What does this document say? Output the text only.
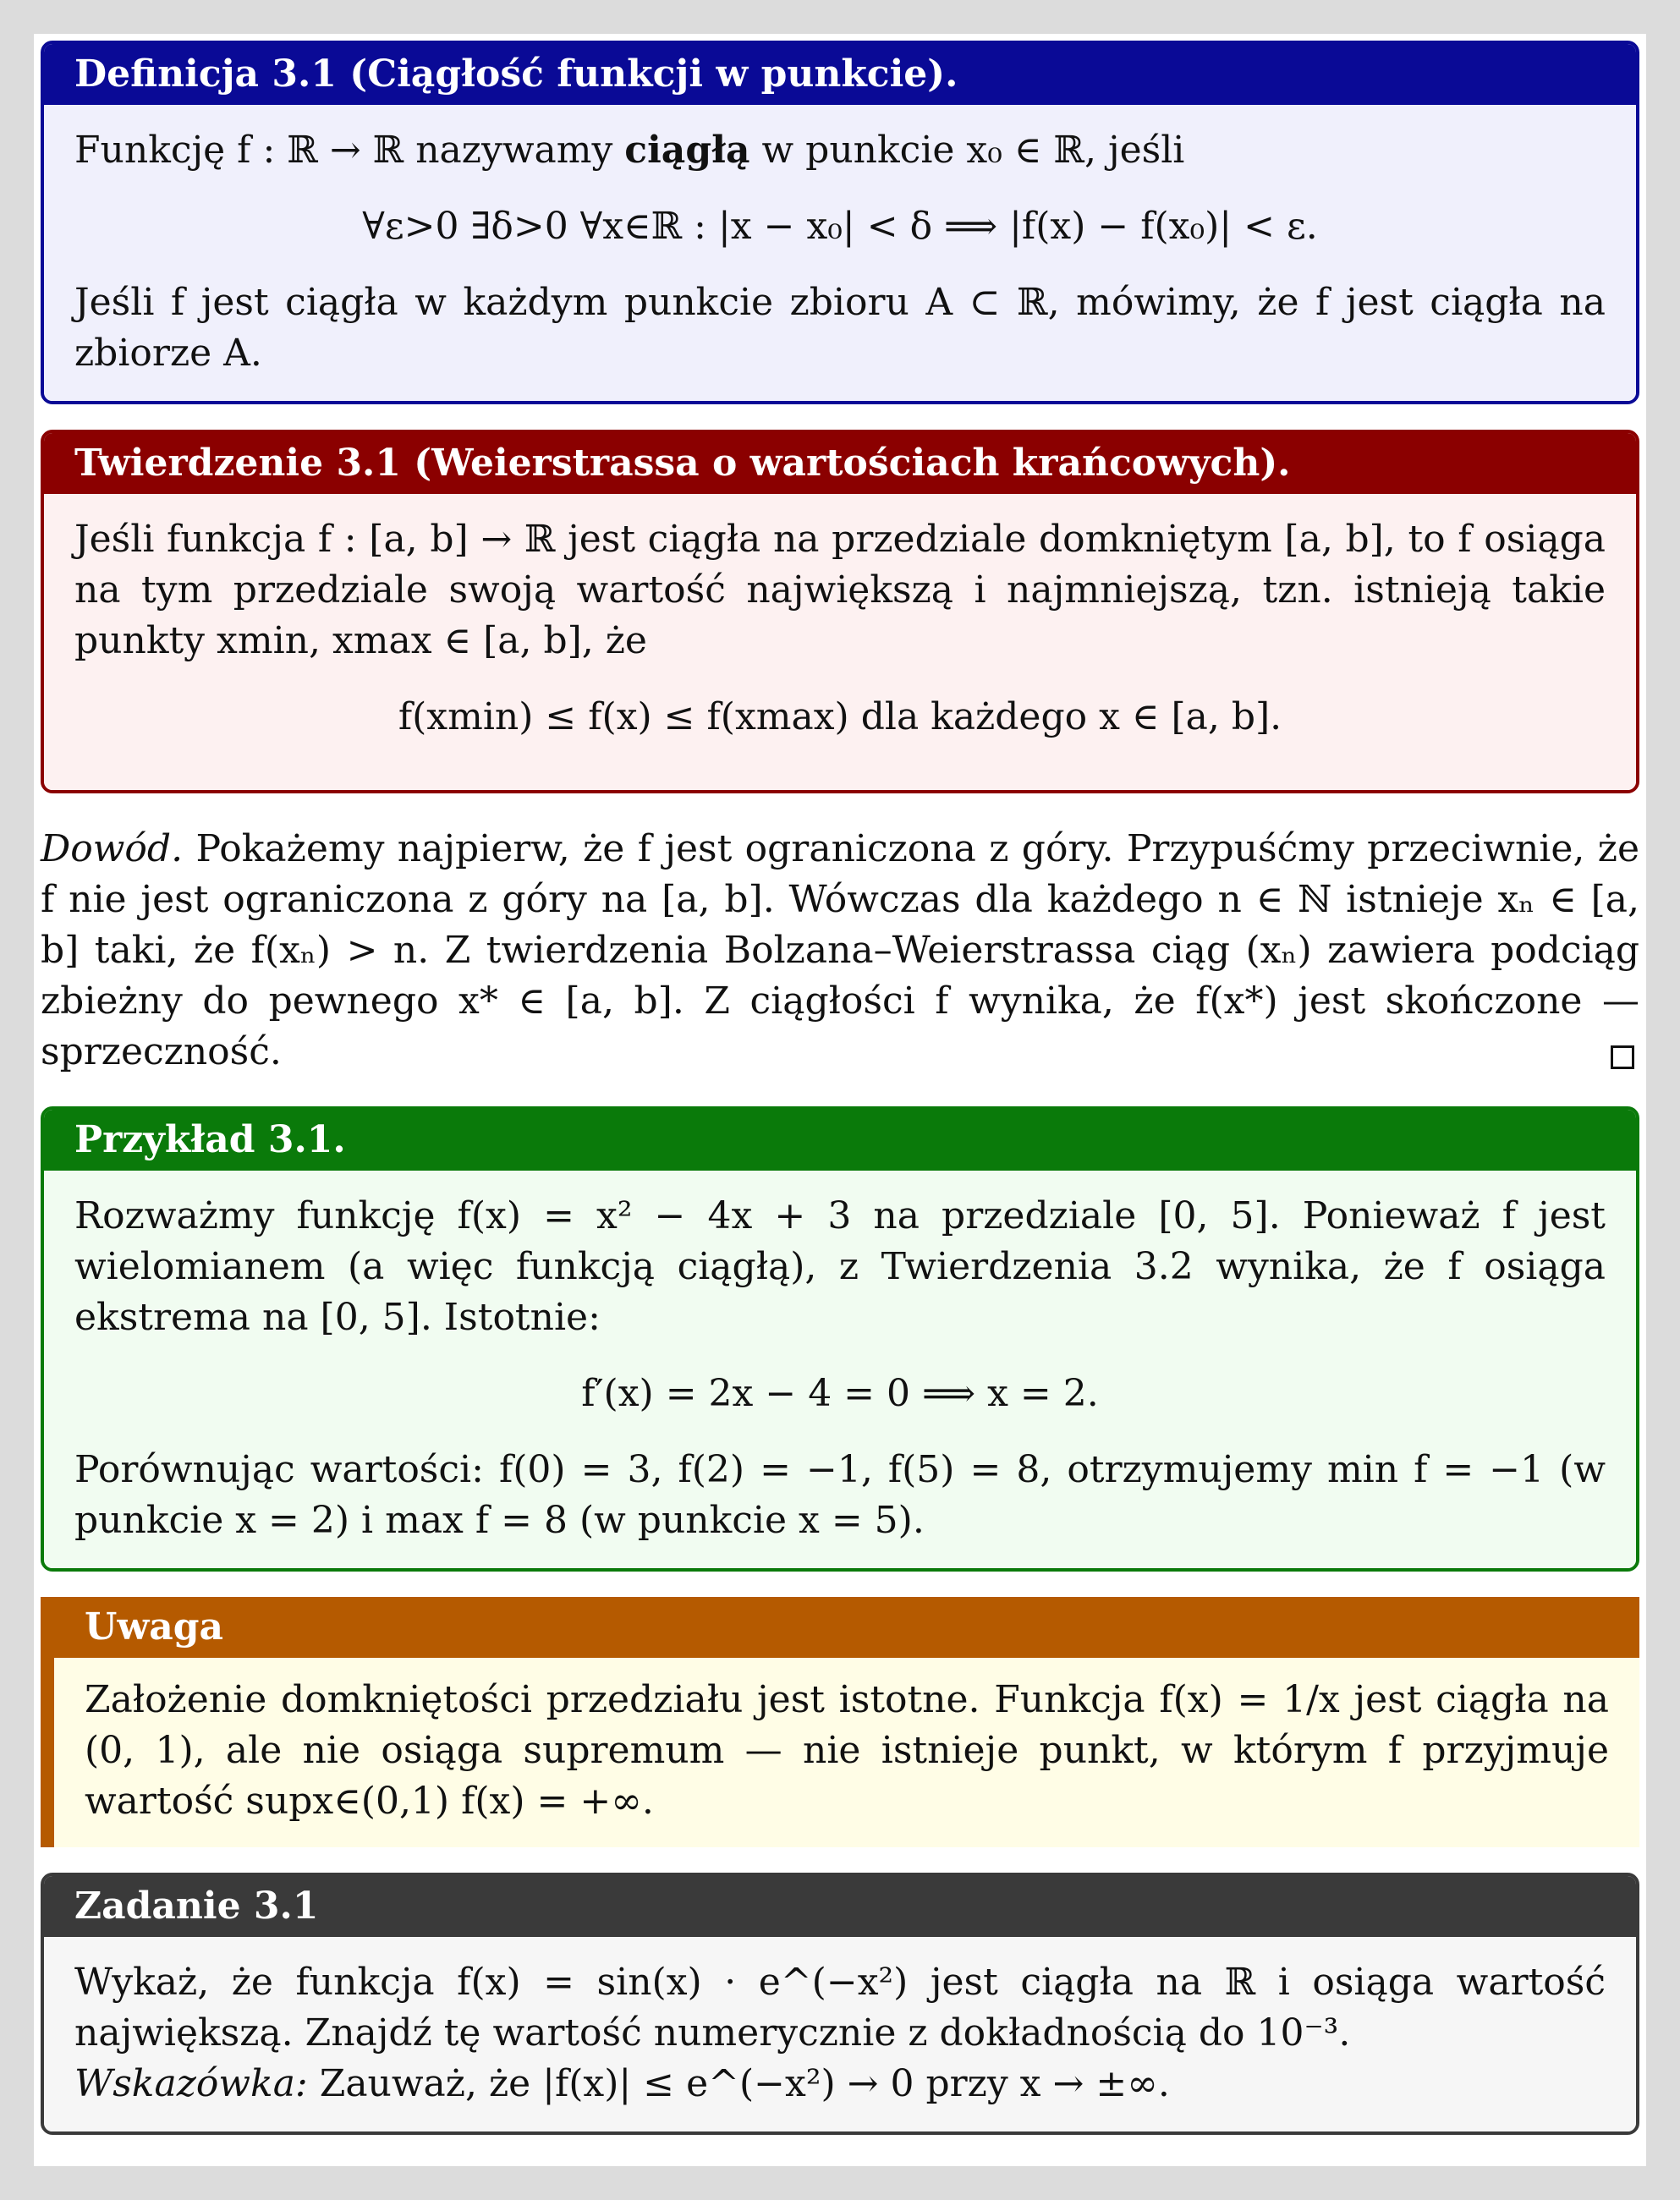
Definicja 3.1 (Ciągłość funkcji w punkcie).

Funkcję f : ℝ → ℝ nazywamy ciągłą w punkcie x₀ ∈ ℝ, jeśli

∀ε>0 ∃δ>0 ∀x∈ℝ : |x − x₀| < δ ⟹ |f(x) − f(x₀)| < ε.

Jeśli f jest ciągła w każdym punkcie zbioru A ⊂ ℝ, mówimy, że f jest ciągła na zbiorze A.

Twierdzenie 3.1 (Weierstrassa o wartościach krańcowych).

Jeśli funkcja f : [a, b] → ℝ jest ciągła na przedziale domkniętym [a, b], to f osiąga na tym przedziale swoją wartość największą i najmniejszą, tzn. istnieją takie punkty xmin, xmax ∈ [a, b], że

f(xmin) ≤ f(x) ≤ f(xmax) dla każdego x ∈ [a, b].
Dowód. Pokażemy najpierw, że f jest ograniczona z góry. Przypuśćmy przeciwnie, że f nie jest ograniczona z góry na [a, b]. Wówczas dla każdego n ∈ ℕ istnieje xₙ ∈ [a, b] taki, że f(xₙ) > n. Z twierdzenia Bolzana–Weierstrassa ciąg (xₙ) zawiera podciąg zbieżny do pewnego x* ∈ [a, b]. Z ciągłości f wynika, że f(x*) jest skończone — sprzeczność.
Przykład 3.1.

Rozważmy funkcję f(x) = x² − 4x + 3 na przedziale [0, 5]. Ponieważ f jest wielomianem (a więc funkcją ciągłą), z Twierdzenia 3.2 wynika, że f osiąga ekstrema na [0, 5]. Istotnie:

f′(x) = 2x − 4 = 0 ⟹ x = 2.

Porównując wartości: f(0) = 3, f(2) = −1, f(5) = 8, otrzymujemy min f = −1 (w punkcie x = 2) i max f = 8 (w punkcie x = 5).

Uwaga

Założenie domkniętości przedziału jest istotne. Funkcja f(x) = 1/x jest ciągła na (0, 1), ale nie osiąga supremum — nie istnieje punkt, w którym f przyjmuje wartość supx∈(0,1) f(x) = +∞.

Zadanie 3.1

Wykaż, że funkcja f(x) = sin(x) · e^(−x²) jest ciągła na ℝ i osiąga wartość największą. Znajdź tę wartość numerycznie z dokładnością do 10⁻³.

Wskazówka: Zauważ, że |f(x)| ≤ e^(−x²) → 0 przy x → ±∞.
